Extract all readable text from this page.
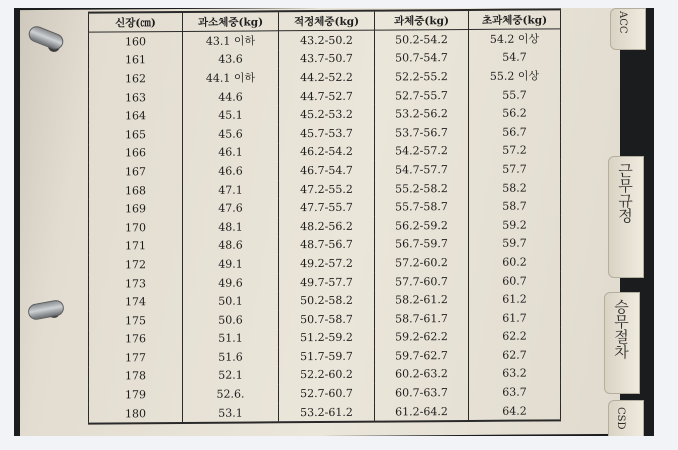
신장(㎝)	과소체중(kg)	적정체중(kg)	과체중(kg)	초과체중(kg)
160	43.1 이하	43.2-50.2	50.2-54.2	54.2 이상
161	43.6	43.7-50.7	50.7-54.7	54.7
162	44.1 이하	44.2-52.2	52.2-55.2	55.2 이상
163	44.6	44.7-52.7	52.7-55.7	55.7
164	45.1	45.2-53.2	53.2-56.2	56.2
165	45.6	45.7-53.7	53.7-56.7	56.7
166	46.1	46.2-54.2	54.2-57.2	57.2
167	46.6	46.7-54.7	54.7-57.7	57.7
168	47.1	47.2-55.2	55.2-58.2	58.2
169	47.6	47.7-55.7	55.7-58.7	58.7
170	48.1	48.2-56.2	56.2-59.2	59.2
171	48.6	48.7-56.7	56.7-59.7	59.7
172	49.1	49.2-57.2	57.2-60.2	60.2
173	49.6	49.7-57.7	57.7-60.7	60.7
174	50.1	50.2-58.2	58.2-61.2	61.2
175	50.6	50.7-58.7	58.7-61.7	61.7
176	51.1	51.2-59.2	59.2-62.2	62.2
177	51.6	51.7-59.7	59.7-62.7	62.7
178	52.1	52.2-60.2	60.2-63.2	63.2
179	52.6.	52.7-60.7	60.7-63.7	63.7
180	53.1	53.2-61.2	61.2-64.2	64.2
ACC
근무규정
승무절차
CSD
